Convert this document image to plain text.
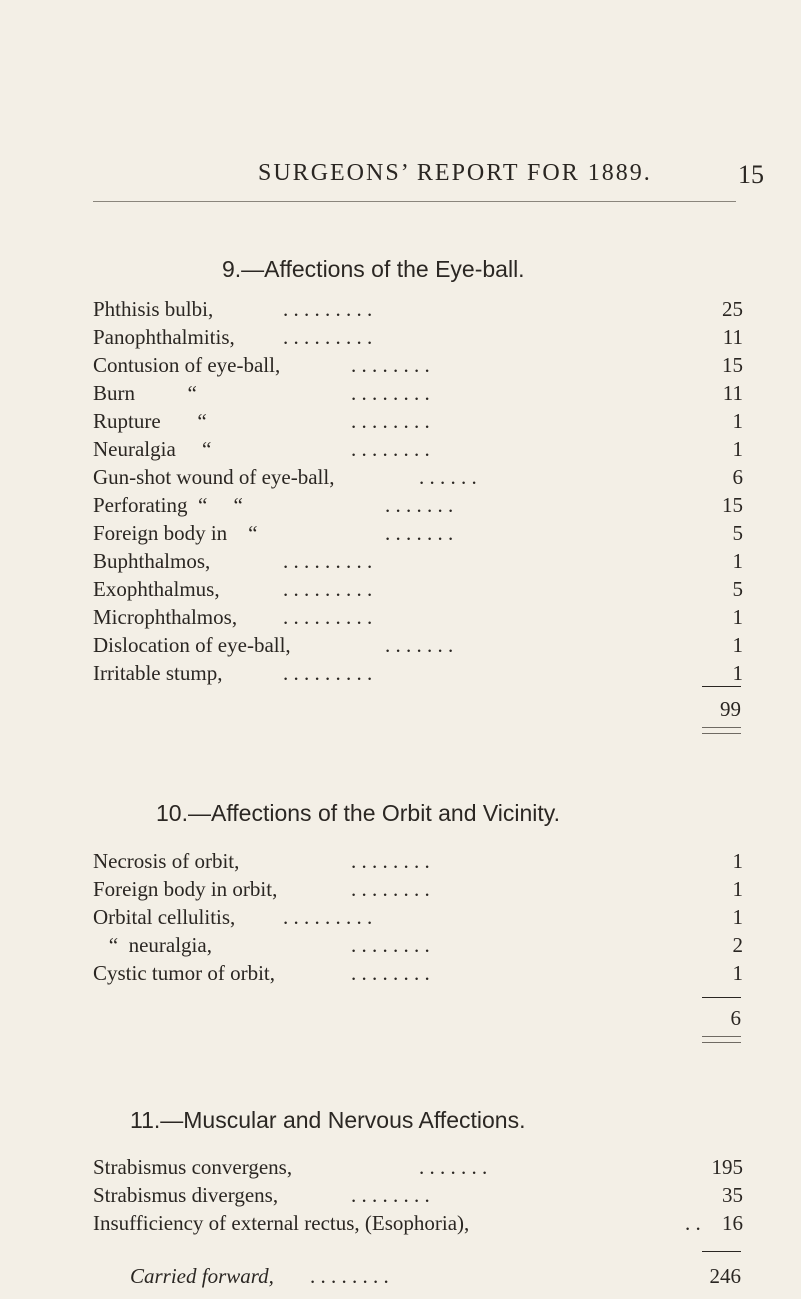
SURGEONS’ REPORT FOR 1889.	15
9.—Affections of the Eye-ball.
Phthisis bulbi,	. . . . . . . . .	25
Panophthalmitis, . . . . . . . . .	11
Contusion of eye-ball,	. . . . . . . .	15
Burn          “	. . . . . . . .	11
Rupture       “	. . . . . . . .	1
Neuralgia     “	. . . . . . . .	1
Gun-shot wound of eye-ball,	. . . . . .	6
Perforating  “     “	. . . . . . .	15
Foreign body in    “	. . . . . . .	5
Buphthalmos,	. . . . . . . . .	1
Exophthalmus,	. . . . . . . . .	5
Microphthalmos, . . . . . . . . .	1
Dislocation of eye-ball,	. . . . . . .	1
Irritable stump,	. . . . . . . . .	1
99
10.—Affections of the Orbit and Vicinity.
Necrosis of orbit,	. . . . . . . .	1
Foreign body in orbit,	. . . . . . . .	1
Orbital cellulitis, . . . . . . . . .	1
“  neuralgia,	. . . . . . . .	2
Cystic tumor of orbit,	. . . . . . . .	1
6
11.—Muscular and Nervous Affections.
Strabismus convergens,	. . . . . . .	195
Strabismus divergens,	. . . . . . . .	35
Insufficiency of external rectus, (Esophoria),	. .	16
Carried forward, . . . . . . . .	246
